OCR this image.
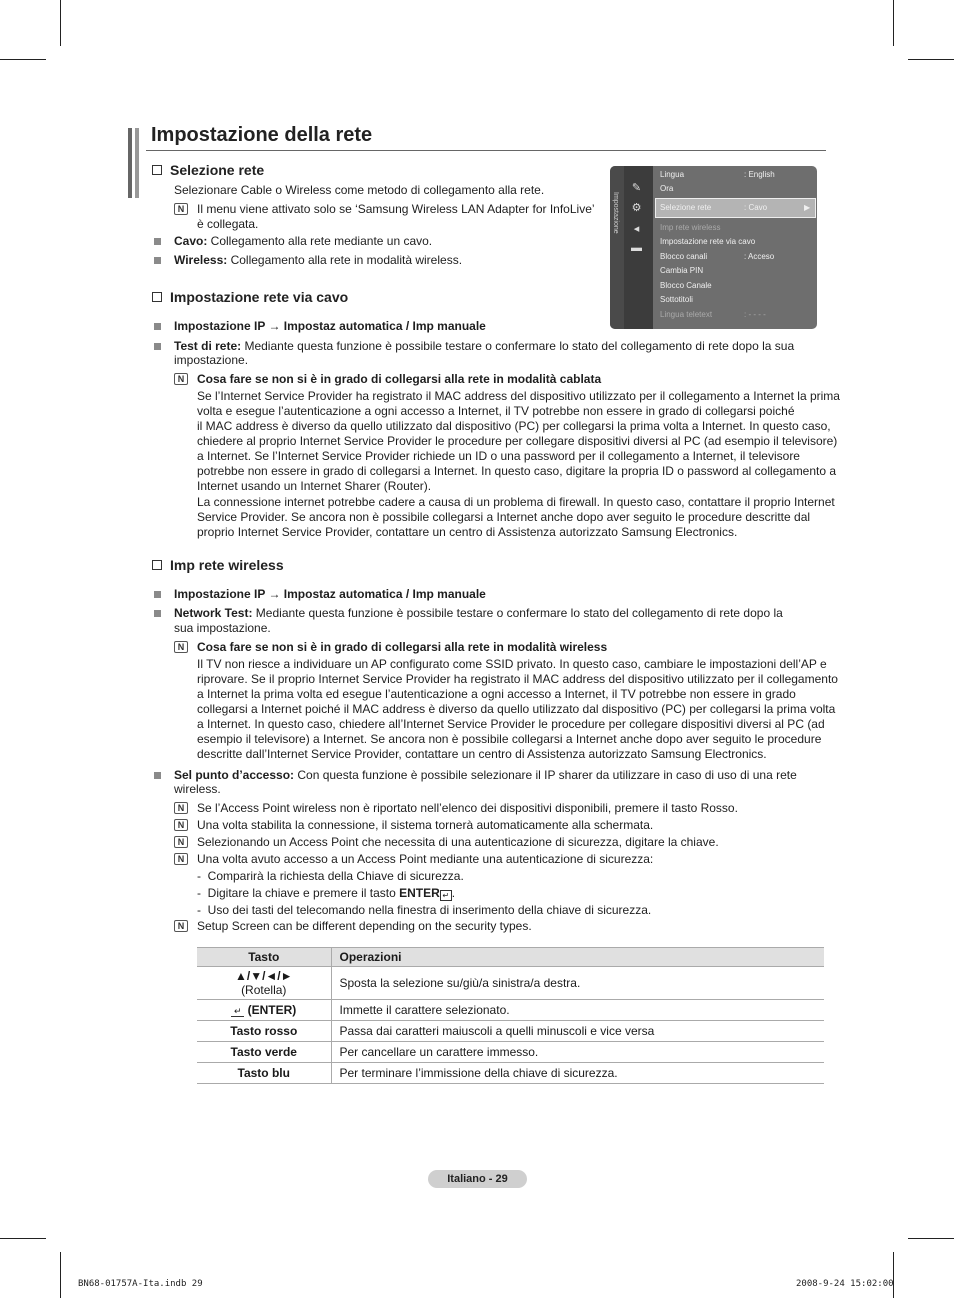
Impostazione della rete
Selezione rete
Selezionare Cable o Wireless come metodo di collegamento alla rete.
N	Il menu viene attivato solo se ‘Samsung Wireless LAN Adapter for InfoLive’
è collegata.
Cavo: Collegamento alla rete mediante un cavo.
Wireless: Collegamento alla rete in modalità wireless.
Impostazione
✎
⚙
◂
▬
Lingua	: English
Ora
Selezione rete	: Cavo	▶
Imp rete wireless
Impostazione rete via cavo
Blocco canali	: Acceso
Cambia PIN
Blocco Canale
Sottotitoli
Lingua teletext	: - - - -
Impostazione rete via cavo
Impostazione IP → Impostaz automatica / Imp manuale
Test di rete: Mediante questa funzione è possibile testare o confermare lo stato del collegamento di rete dopo la sua
impostazione.
N	Cosa fare se non si è in grado di collegarsi alla rete in modalità cablata
Se l’Internet Service Provider ha registrato il MAC address del dispositivo utilizzato per il collegamento a Internet la prima
volta e esegue l’autenticazione a ogni accesso a Internet, il TV potrebbe non essere in grado di collegarsi poiché
il MAC address è diverso da quello utilizzato dal dispositivo (PC) per collegarsi la prima volta a Internet. In questo caso,
chiedere al proprio Internet Service Provider le procedure per collegare dispositivi diversi al PC (ad esempio il televisore)
a Internet. Se l’Internet Service Provider richiede un ID o una password per il collegamento a Internet, il televisore
potrebbe non essere in grado di collegarsi a Internet. In questo caso, digitare la propria ID o password al collegamento a
Internet usando un Internet Sharer (Router).
La connessione internet potrebbe cadere a causa di un problema di firewall. In questo caso, contattare il proprio Internet
Service Provider. Se ancora non è possibile collegarsi a Internet anche dopo aver seguito le procedure descritte dal
proprio Internet Service Provider, contattare un centro di Assistenza autorizzato Samsung Electronics.
Imp rete wireless
Impostazione IP → Impostaz automatica / Imp manuale
Network Test: Mediante questa funzione è possibile testare o confermare lo stato del collegamento di rete dopo la
sua impostazione.
N	Cosa fare se non si è in grado di collegarsi alla rete in modalità wireless
Il TV non riesce a individuare un AP configurato come SSID privato. In questo caso, cambiare le impostazioni dell’AP e
riprovare. Se il proprio Internet Service Provider ha registrato il MAC address del dispositivo utilizzato per il collegamento
a Internet la prima volta ed esegue l’autenticazione a ogni accesso a Internet, il TV potrebbe non essere in grado
collegarsi a Internet poiché il MAC address è diverso da quello utilizzato dal dispositivo (PC) per collegarsi la prima volta
a Internet. In questo caso, chiedere all’Internet Service Provider le procedure per collegare dispositivi diversi al PC (ad
esempio il televisore) a Internet. Se ancora non è possibile collegarsi a Internet anche dopo aver seguito le procedure
descritte dall’Internet Service Provider, contattare un centro di Assistenza autorizzato Samsung Electronics.
Sel punto d’accesso: Con questa funzione è possibile selezionare il IP sharer da utilizzare in caso di uso di una rete
wireless.
N	Se l’Access Point wireless non è riportato nell’elenco dei dispositivi disponibili, premere il tasto Rosso.
N	Una volta stabilita la connessione, il sistema tornerà automaticamente alla schermata.
N	Selezionando un Access Point che necessita di una autenticazione di sicurezza, digitare la chiave.
N	Una volta avuto accesso a un Access Point mediante una autenticazione di sicurezza:
-  Comparirà la richiesta della Chiave di sicurezza.
-  Digitare la chiave e premere il tasto ENTER ↵ .
-  Uso dei tasti del telecomando nella finestra di inserimento della chiave di sicurezza.
N	Setup Screen can be different depending on the security types.
Tasto	Operazioni

▲/▼/◄/►
(Rotella)	Sposta la selezione su/giù/a sinistra/a destra.
↵ (ENTER)	Immette il carattere selezionato.
Tasto rosso	Passa dai caratteri maiuscoli a quelli minuscoli e vice versa
Tasto verde	Per cancellare un carattere immesso.
Tasto blu	Per terminare l’immissione della chiave di sicurezza.
Italiano - 29
BN68-01757A-Ita.indb 29	2008-9-24 15:02:00
